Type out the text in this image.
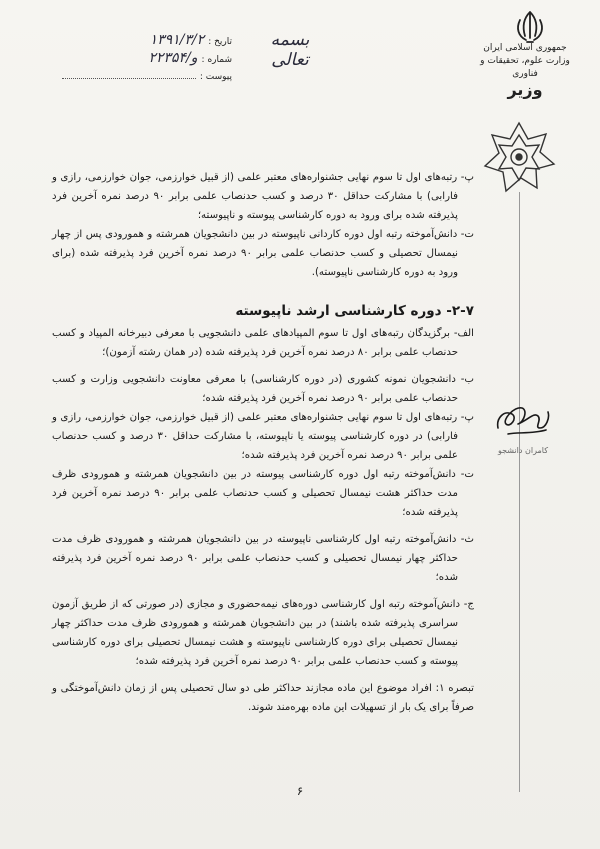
تاریخ :
۱۳۹۱/۳/۲
شماره :
۲۲۳۵۴/و
پیوست :
بسمه تعالی
جمهوری اسلامی ایران
وزارت علوم، تحقیقات و فناوری
وزیر
کامران دانشجو

پ- رتبه‌های اول تا سوم نهایی جشنواره‌های معتبر علمی (از قبیل خوارزمی، جوان خوارزمی، رازی و فارابی) با مشارکت حداقل ۳۰ درصد و کسب حدنصاب علمی برابر ۹۰ درصد نمره آخرین فرد پذیرفته شده برای ورود به دوره کارشناسی پیوسته و ناپیوسته؛

ت- دانش‌آموخته رتبه اول دوره کاردانی ناپیوسته در بین دانشجویان همرشته و همورودی پس از چهار نیمسال تحصیلی و کسب حدنصاب علمی برابر ۹۰ درصد نمره آخرین فرد پذیرفته شده (برای ورود به دوره کارشناسی ناپیوسته).

۲-۷- دوره کارشناسی ارشد ناپیوسته

الف- برگزیدگان رتبه‌های اول تا سوم المپیادهای علمی دانشجویی با معرفی دبیرخانه المپیاد و کسب حدنصاب علمی برابر ۸۰ درصد نمره آخرین فرد پذیرفته شده (در همان رشته آزمون)؛

ب- دانشجویان نمونه کشوری (در دوره کارشناسی) با معرفی معاونت دانشجویی وزارت و کسب حدنصاب علمی برابر ۹۰ درصد نمره آخرین فرد پذیرفته شده؛

پ- رتبه‌های اول تا سوم نهایی جشنواره‌های معتبر علمی (از قبیل خوارزمی، جوان خوارزمی، رازی و فارابی) در دوره کارشناسی پیوسته یا ناپیوسته، با مشارکت حداقل ۳۰ درصد و کسب حدنصاب علمی برابر ۹۰ درصد نمره آخرین فرد پذیرفته شده؛

ت- دانش‌آموخته رتبه اول دوره کارشناسی پیوسته در بین دانشجویان همرشته و همورودی ظرف مدت حداکثر هشت نیمسال تحصیلی و کسب حدنصاب علمی برابر ۹۰ درصد نمره آخرین فرد پذیرفته شده؛

ث- دانش‌آموخته رتبه اول کارشناسی ناپیوسته در بین دانشجویان همرشته و همورودی ظرف مدت حداکثر چهار نیمسال تحصیلی و کسب حدنصاب علمی برابر ۹۰ درصد نمره آخرین فرد پذیرفته شده؛

ج- دانش‌آموخته رتبه اول کارشناسی دوره‌های نیمه‌حضوری و مجازی (در صورتی که از طریق آزمون سراسری پذیرفته شده باشند) در بین دانشجویان همرشته و همورودی ظرف مدت حداکثر چهار نیمسال تحصیلی برای دوره کارشناسی ناپیوسته و هشت نیمسال تحصیلی برای دوره کارشناسی پیوسته و کسب حدنصاب علمی برابر ۹۰ درصد نمره آخرین فرد پذیرفته شده؛

تبصره ۱: افراد موضوع این ماده مجازند حداکثر طی دو سال تحصیلی پس از زمان دانش‌آموختگی و صرفاً برای یک بار از تسهیلات این ماده بهره‌مند شوند.

۶
